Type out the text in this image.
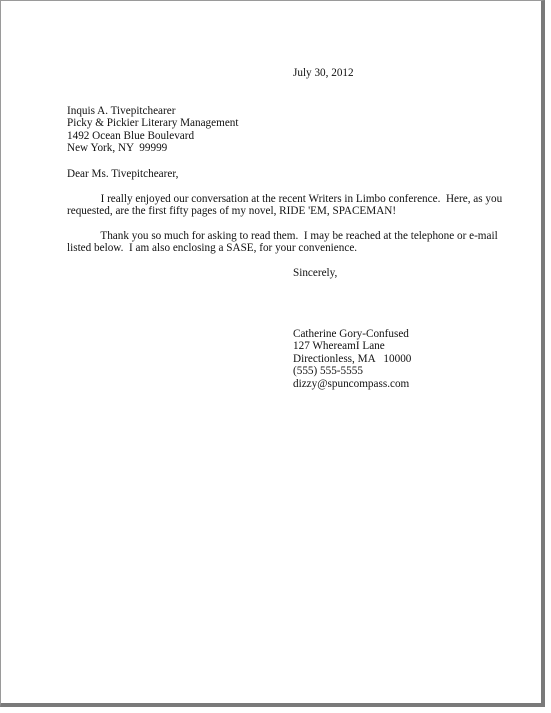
July 30, 2012
Inquis A. Tivepitchearer
Picky & Pickier Literary Management
1492 Ocean Blue Boulevard
New York, NY  99999
Dear Ms. Tivepitchearer,
I really enjoyed our conversation at the recent Writers in Limbo conference.  Here, as you
requested, are the first fifty pages of my novel, RIDE 'EM, SPACEMAN!
Thank you so much for asking to read them.  I may be reached at the telephone or e-mail
listed below.  I am also enclosing a SASE, for your convenience.
Sincerely,
Catherine Gory-Confused
127 WhereamI Lane
Directionless, MA   10000
(555) 555-5555
dizzy@spuncompass.com
